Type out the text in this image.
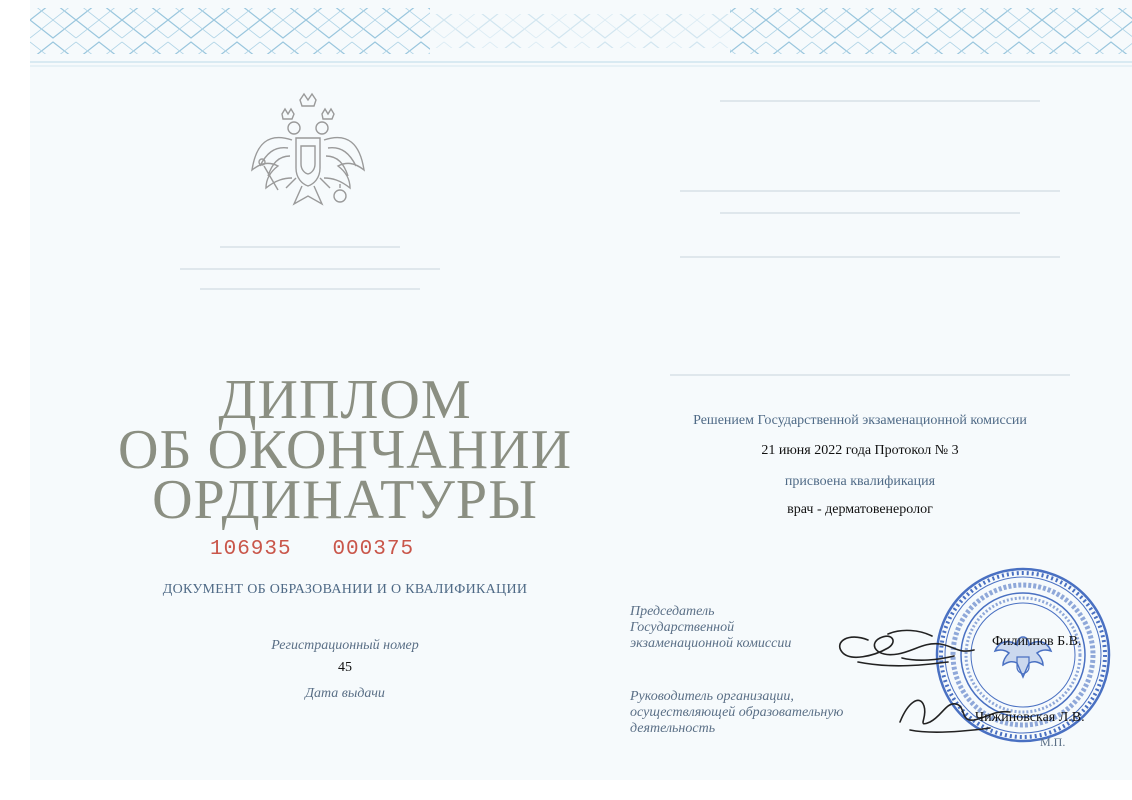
ДИПЛОМ
ОБ ОКОНЧАНИИ
ОРДИНАТУРЫ
106935 000375
ДОКУМЕНТ ОБ ОБРАЗОВАНИИ И О КВАЛИФИКАЦИИ
Регистрационный номер
45
Дата выдачи
Решением Государственной экзаменационной комиссии
21 июня 2022 года Протокол № 3
присвоена квалификация
врач - дерматовенеролог
Председатель
Государственной
экзаменационной комиссии
Руководитель организации,
осуществляющей образовательную
деятельность
Филиппов Б.В.
Чижиновская Л.В.
М.П.
